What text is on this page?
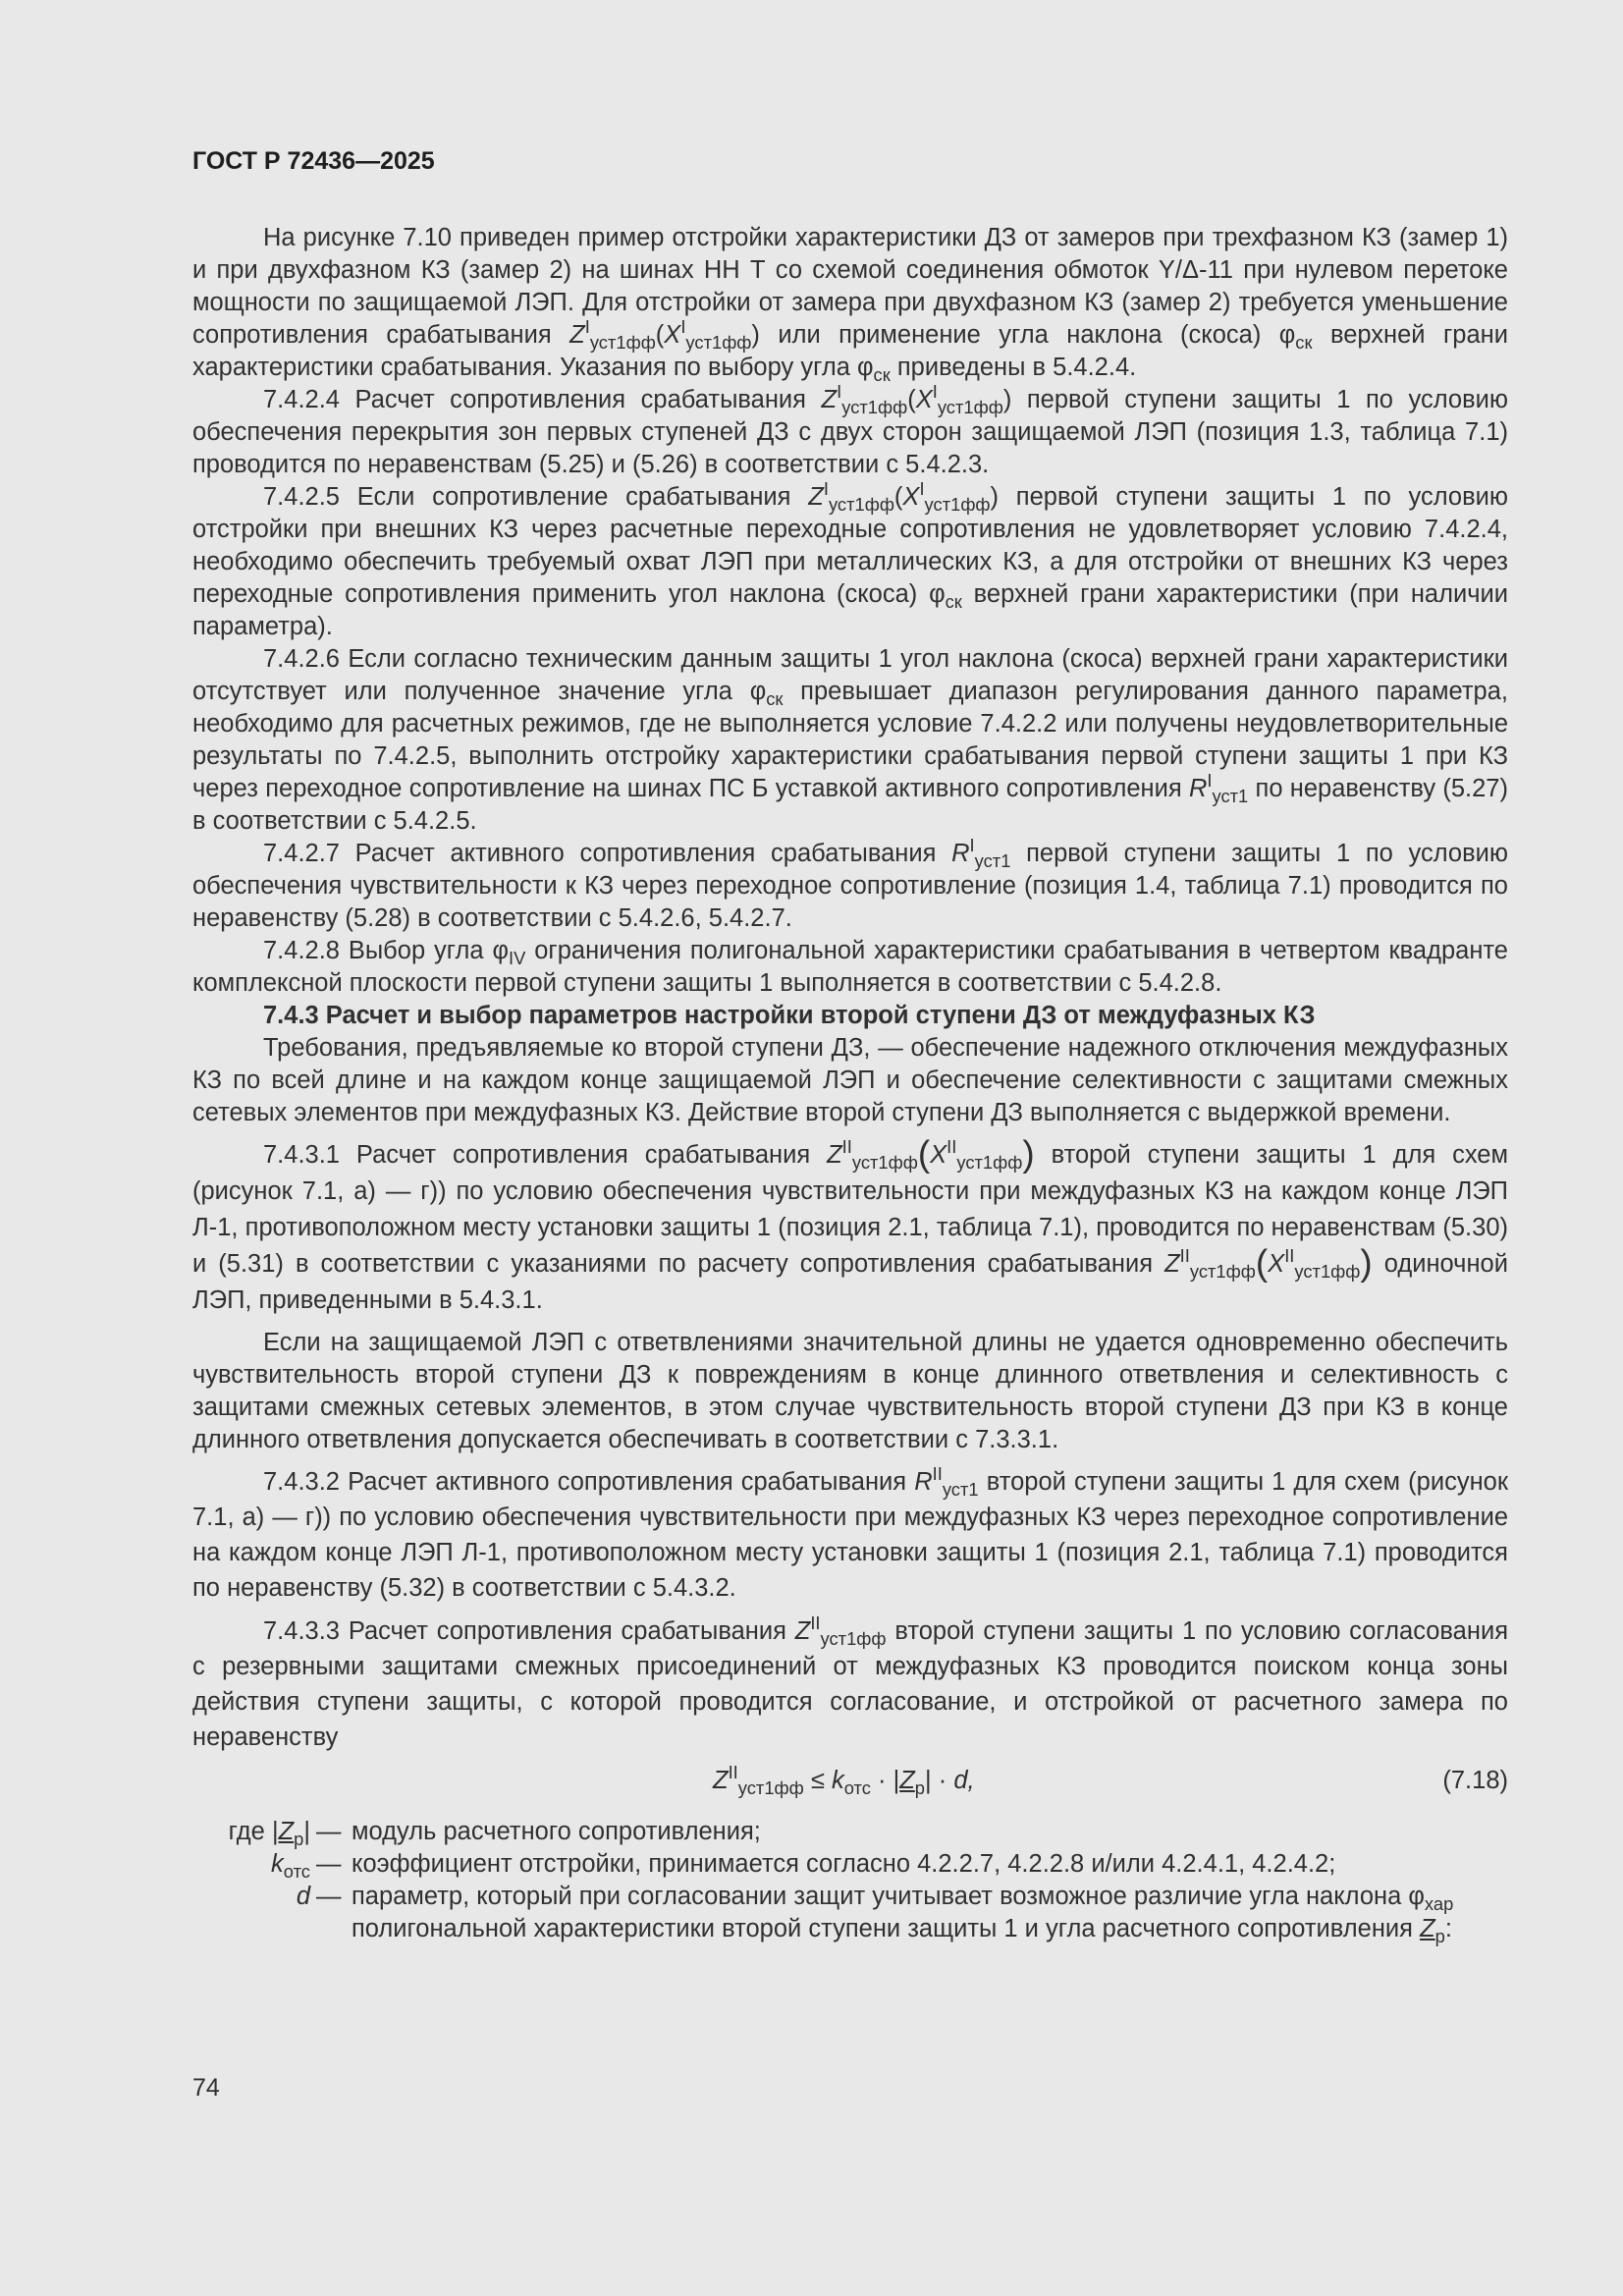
ГОСТ Р 72436—2025

На рисунке 7.10 приведен пример отстройки характеристики ДЗ от замеров при трехфазном КЗ (замер 1) и при двухфазном КЗ (замер 2) на шинах НН Т со схемой соединения обмоток Y/Δ-11 при нулевом перетоке мощности по защищаемой ЛЭП. Для отстройки от замера при двухфазном КЗ (замер 2) требуется уменьшение сопротивления срабатывания $Z^I_{уст1фф}(X^I_{уст1фф})$ или применение угла наклона (скоса) $\varphi_{ск}$ верхней грани характеристики срабатывания. Указания по выбору угла $\varphi_{ск}$ приведены в 5.4.2.4.

7.4.2.4 Расчет сопротивления срабатывания $Z^I_{уст1фф}(X^I_{уст1фф})$ первой ступени защиты 1 по условию обеспечения перекрытия зон первых ступеней ДЗ с двух сторон защищаемой ЛЭП (позиция 1.3, таблица 7.1) проводится по неравенствам (5.25) и (5.26) в соответствии с 5.4.2.3.

7.4.2.5 Если сопротивление срабатывания $Z^I_{уст1фф}(X^I_{уст1фф})$ первой ступени защиты 1 по условию отстройки при внешних КЗ через расчетные переходные сопротивления не удовлетворяет условию 7.4.2.4, необходимо обеспечить требуемый охват ЛЭП при металлических КЗ, а для отстройки от внешних КЗ через переходные сопротивления применить угол наклона (скоса) $\varphi_{ск}$ верхней грани характеристики (при наличии параметра).

7.4.2.6 Если согласно техническим данным защиты 1 угол наклона (скоса) верхней грани характеристики отсутствует или полученное значение угла $\varphi_{ск}$ превышает диапазон регулирования данного параметра, необходимо для расчетных режимов, где не выполняется условие 7.4.2.2 или получены неудовлетворительные результаты по 7.4.2.5, выполнить отстройку характеристики срабатывания первой ступени защиты 1 при КЗ через переходное сопротивление на шинах ПС Б уставкой активного сопротивления $R^I_{уст1}$ по неравенству (5.27) в соответствии с 5.4.2.5.

7.4.2.7 Расчет активного сопротивления срабатывания $R^I_{уст1}$ первой ступени защиты 1 по условию обеспечения чувствительности к КЗ через переходное сопротивление (позиция 1.4, таблица 7.1) проводится по неравенству (5.28) в соответствии с 5.4.2.6, 5.4.2.7.

7.4.2.8 Выбор угла $\varphi_{IV}$ ограничения полигональной характеристики срабатывания в четвертом квадранте комплексной плоскости первой ступени защиты 1 выполняется в соответствии с 5.4.2.8.

7.4.3 Расчет и выбор параметров настройки второй ступени ДЗ от междуфазных КЗ

Требования, предъявляемые ко второй ступени ДЗ, — обеспечение надежного отключения междуфазных КЗ по всей длине и на каждом конце защищаемой ЛЭП и обеспечение селективности с защитами смежных сетевых элементов при междуфазных КЗ. Действие второй ступени ДЗ выполняется с выдержкой времени.

7.4.3.1 Расчет сопротивления срабатывания $Z^{II}_{уст1фф}(X^{II}_{уст1фф})$ второй ступени защиты 1 для схем (рисунок 7.1, а) — г)) по условию обеспечения чувствительности при междуфазных КЗ на каждом конце ЛЭП Л-1, противоположном месту установки защиты 1 (позиция 2.1, таблица 7.1), проводится по неравенствам (5.30) и (5.31) в соответствии с указаниями по расчету сопротивления срабатывания $Z^{II}_{уст1фф}(X^{II}_{уст1фф})$ одиночной ЛЭП, приведенными в 5.4.3.1.

Если на защищаемой ЛЭП с ответвлениями значительной длины не удается одновременно обеспечить чувствительность второй ступени ДЗ к повреждениям в конце длинного ответвления и селективность с защитами смежных сетевых элементов, в этом случае чувствительность второй ступени ДЗ при КЗ в конце длинного ответвления допускается обеспечивать в соответствии с 7.3.3.1.

7.4.3.2 Расчет активного сопротивления срабатывания $R^{II}_{уст1}$ второй ступени защиты 1 для схем (рисунок 7.1, а) — г)) по условию обеспечения чувствительности при междуфазных КЗ через переходное сопротивление на каждом конце ЛЭП Л-1, противоположном месту установки защиты 1 (позиция 2.1, таблица 7.1) проводится по неравенству (5.32) в соответствии с 5.4.3.2.

7.4.3.3 Расчет сопротивления срабатывания $Z^{II}_{уст1фф}$ второй ступени защиты 1 по условию согласования с резервными защитами смежных присоединений от междуфазных КЗ проводится поиском конца зоны действия ступени защиты, с которой проводится согласование, и отстройкой от расчетного замера по неравенству

$Z^{II}_{уст1фф} \le k_{отс} \cdot |Z_р| \cdot d$,	(7.18)
где $|Z_р|$ — модуль расчетного сопротивления;
$k_{отс}$ — коэффициент отстройки, принимается согласно 4.2.2.7, 4.2.2.8 и/или 4.2.4.1, 4.2.4.2;
d — параметр, который при согласовании защит учитывает возможное различие угла наклона $\varphi_{хар}$ полигональной характеристики второй ступени защиты 1 и угла расчетного сопротивления $Z_р$:
74
